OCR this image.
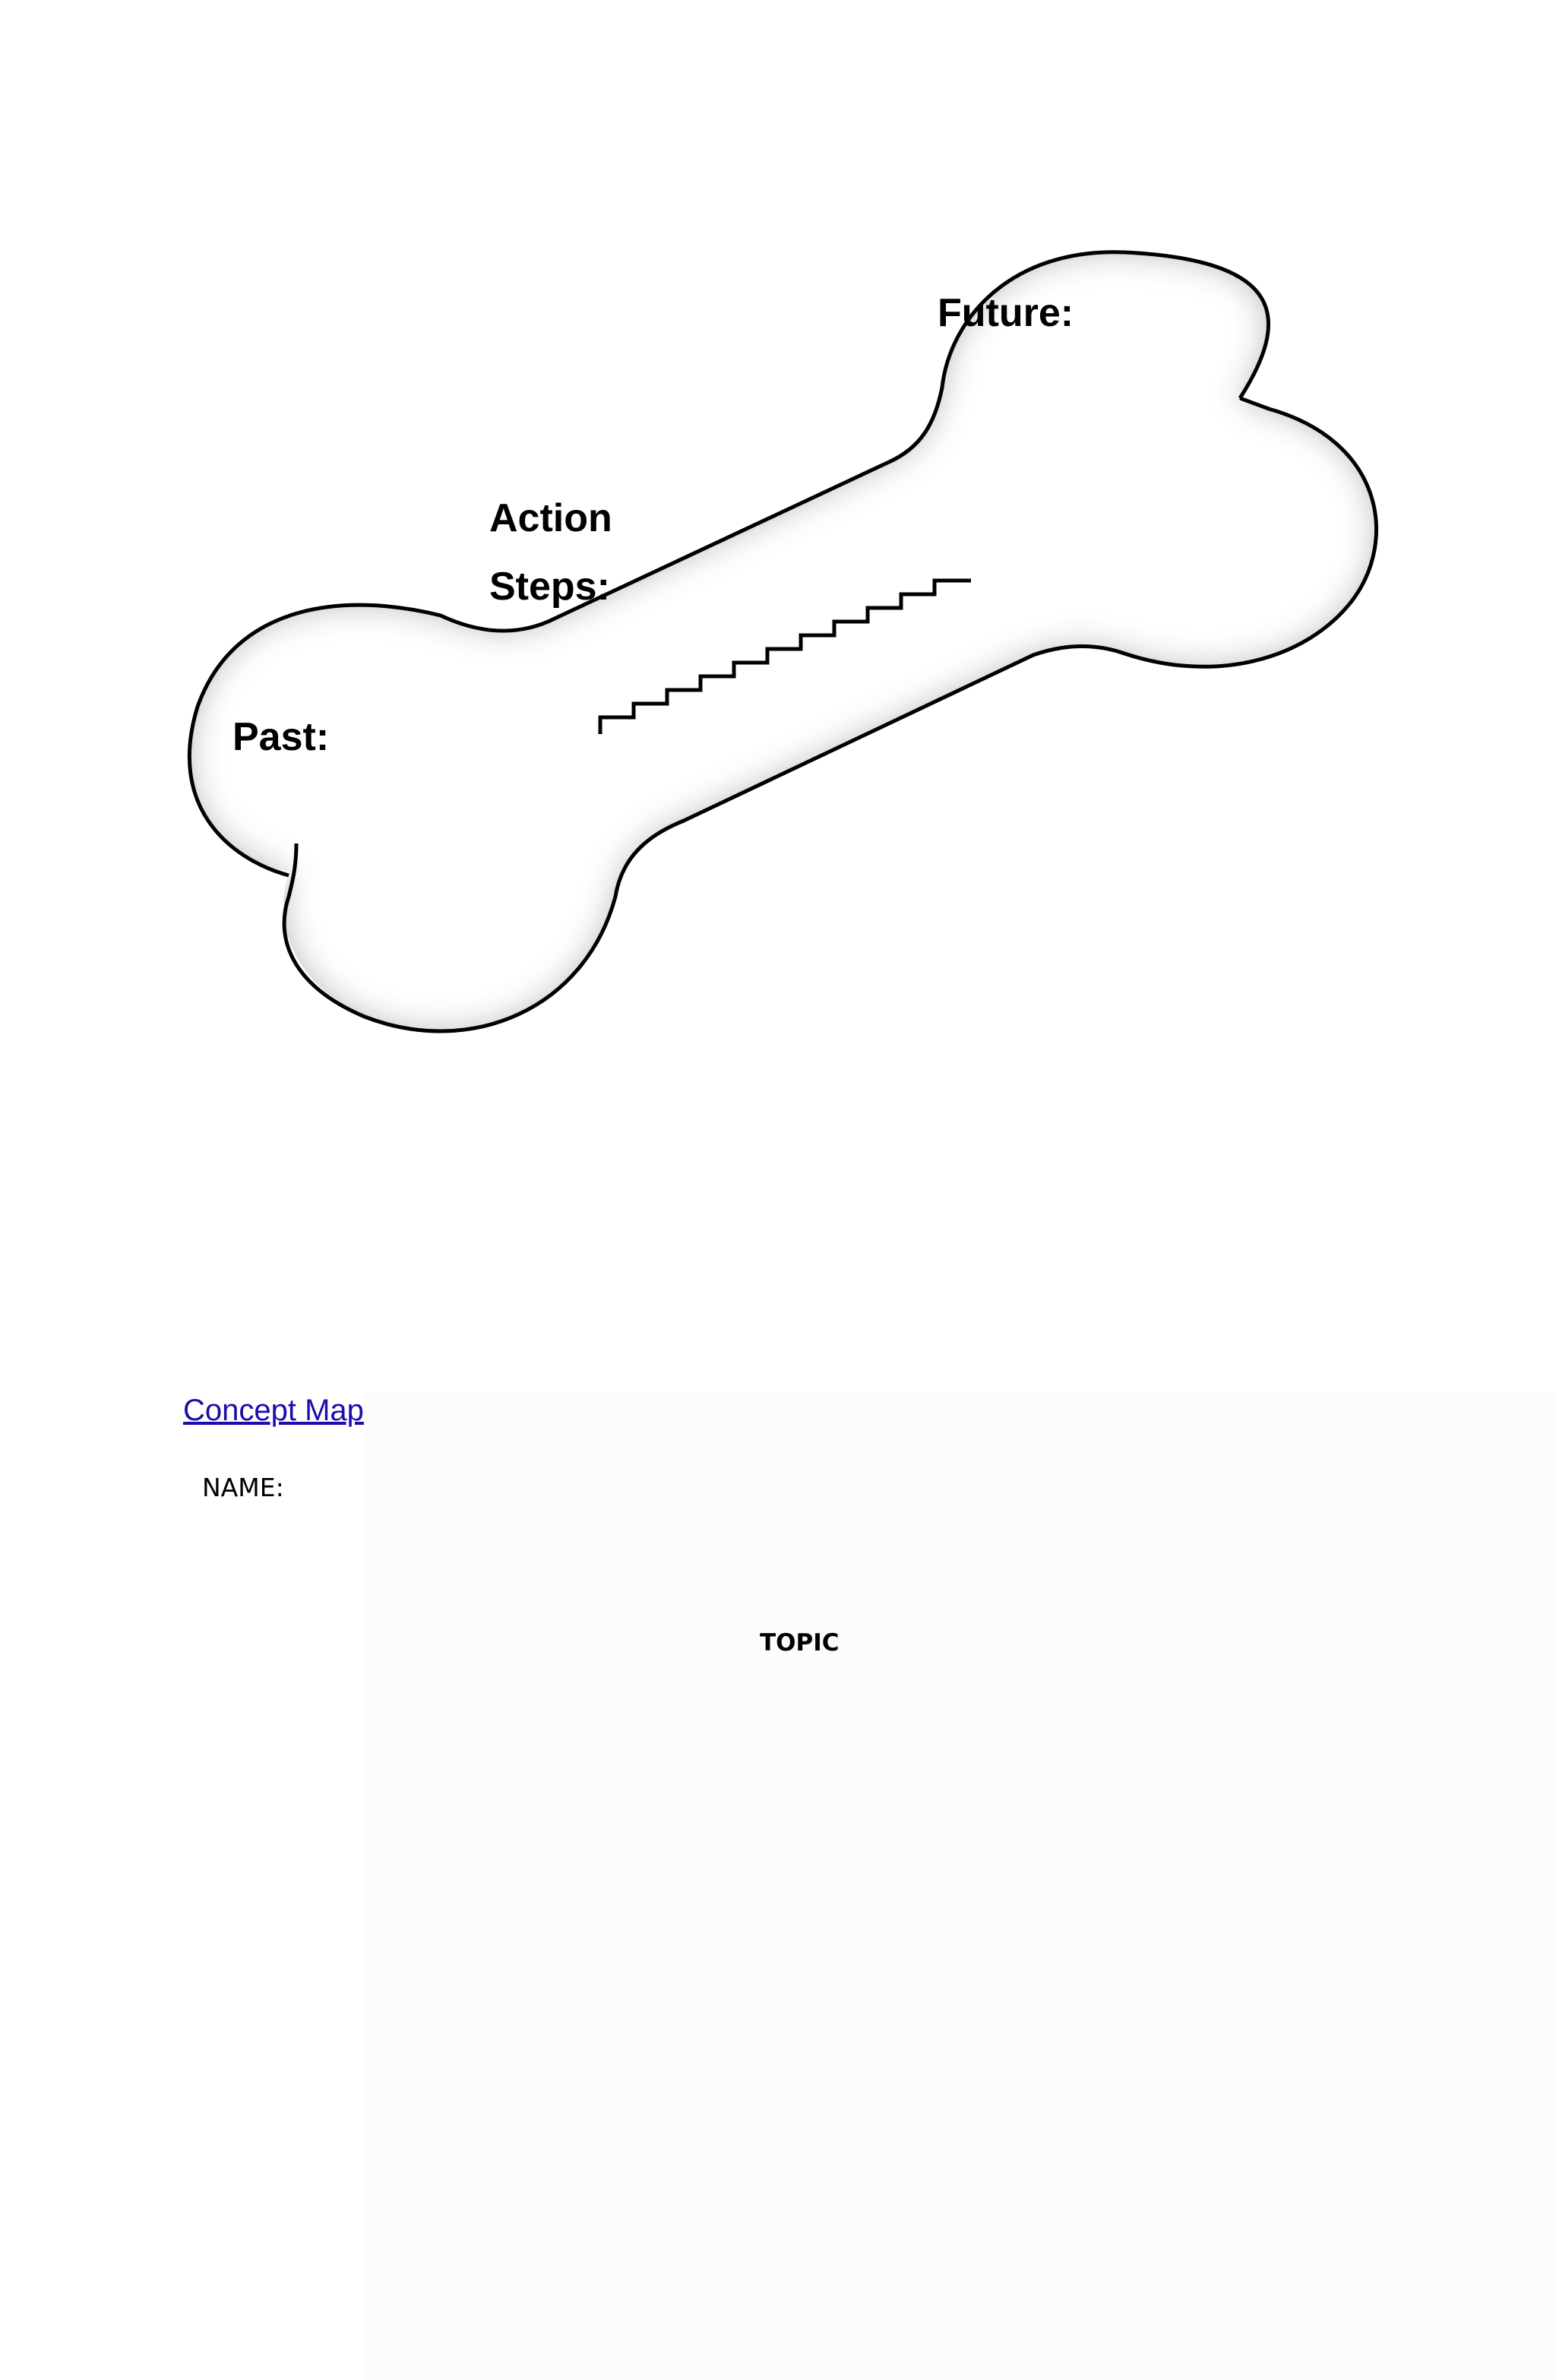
Future:
Action
Steps:
Past:
Concept Map
NAME:
TOPIC
